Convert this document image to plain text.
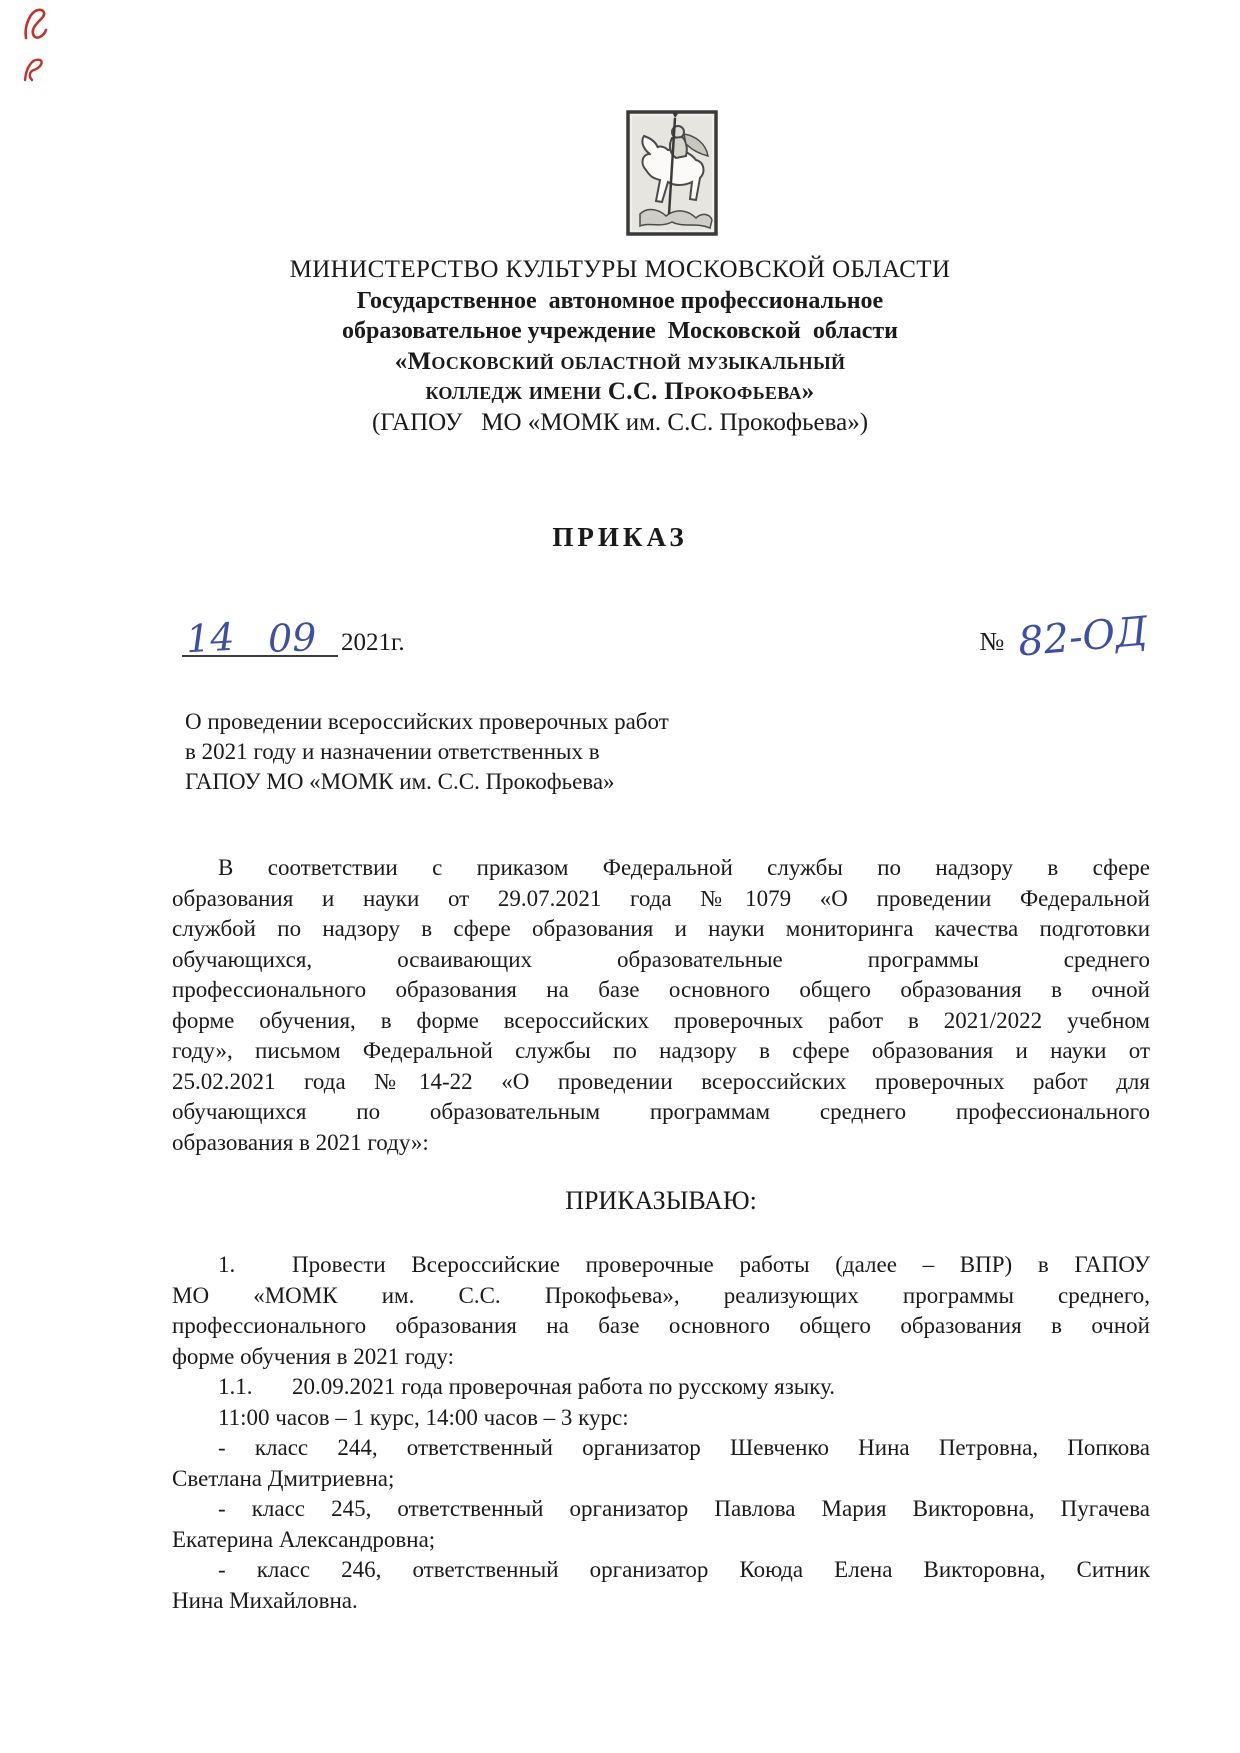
МИНИСТЕРСТВО КУЛЬТУРЫ МОСКОВСКОЙ ОБЛАСТИ
Государственное  автономное профессиональное
образовательное учреждение  Московской  области
«Московский областной музыкальный
колледж имени С.С. Прокофьева»
(ГАПОУ   МО «МОМК им. С.С. Прокофьева»)
ПРИКАЗ
14 09 2021г.	№ 82-ОД
О проведении всероссийских проверочных работ
в 2021 году и назначении ответственных в
ГАПОУ МО «МОМК им. С.С. Прокофьева»
В соответствии с приказом Федеральной службы по надзору в сфере
образования и науки от 29.07.2021 года №1079 «О проведении Федеральной
службой по надзору в сфере образования и науки мониторинга качества подготовки
обучающихся, осваивающих образовательные программы среднего
профессионального образования на базе основного общего образования в очной
форме обучения, в форме всероссийских проверочных работ в 2021/2022 учебном
году», письмом Федеральной службы по надзору в сфере образования и науки от
25.02.2021 года №14-22 «О проведении всероссийских проверочных работ для
обучающихся по образовательным программам среднего профессионального
образования в 2021 году»:
ПРИКАЗЫВАЮ:
1. Провести Всероссийские проверочные работы (далее – ВПР) в ГАПОУ
МО «МОМК им. С.С. Прокофьева», реализующих программы среднего,
профессионального образования на базе основного общего образования в очной
форме обучения в 2021 году:
1.1. 20.09.2021 года проверочная работа по русскому языку.
11:00 часов – 1 курс, 14:00 часов – 3 курс:
- класс 244, ответственный организатор Шевченко Нина Петровна, Попкова
Светлана Дмитриевна;
- класс 245, ответственный организатор Павлова Мария Викторовна, Пугачева
Екатерина Александровна;
- класс 246, ответственный организатор Коюда Елена Викторовна, Ситник
Нина Михайловна.
